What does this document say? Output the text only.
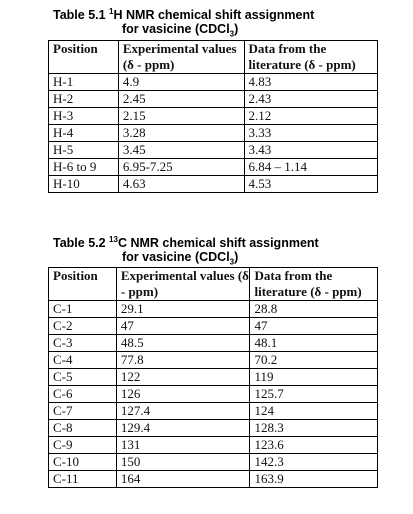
Table 5.1 $^1$H NMR chemical shift assignment
for vasicine (CDCl$_3$)
Position	Experimental values (δ - ppm)	Data from the literature (δ - ppm)
H-1	4.9	4.83
H-2	2.45	2.43
H-3	2.15	2.12
H-4	3.28	3.33
H-5	3.45	3.43
H-6 to 9	6.95-7.25	6.84 – 1.14
H-10	4.63	4.53
Table 5.2 $^{13}$C NMR chemical shift assignment
for vasicine (CDCl$_3$)
Position	Experimental values (δ - ppm)	Data from the literature (δ - ppm)
C-1	29.1	28.8
C-2	47	47
C-3	48.5	48.1
C-4	77.8	70.2
C-5	122	119
C-6	126	125.7
C-7	127.4	124
C-8	129.4	128.3
C-9	131	123.6
C-10	150	142.3
C-11	164	163.9
